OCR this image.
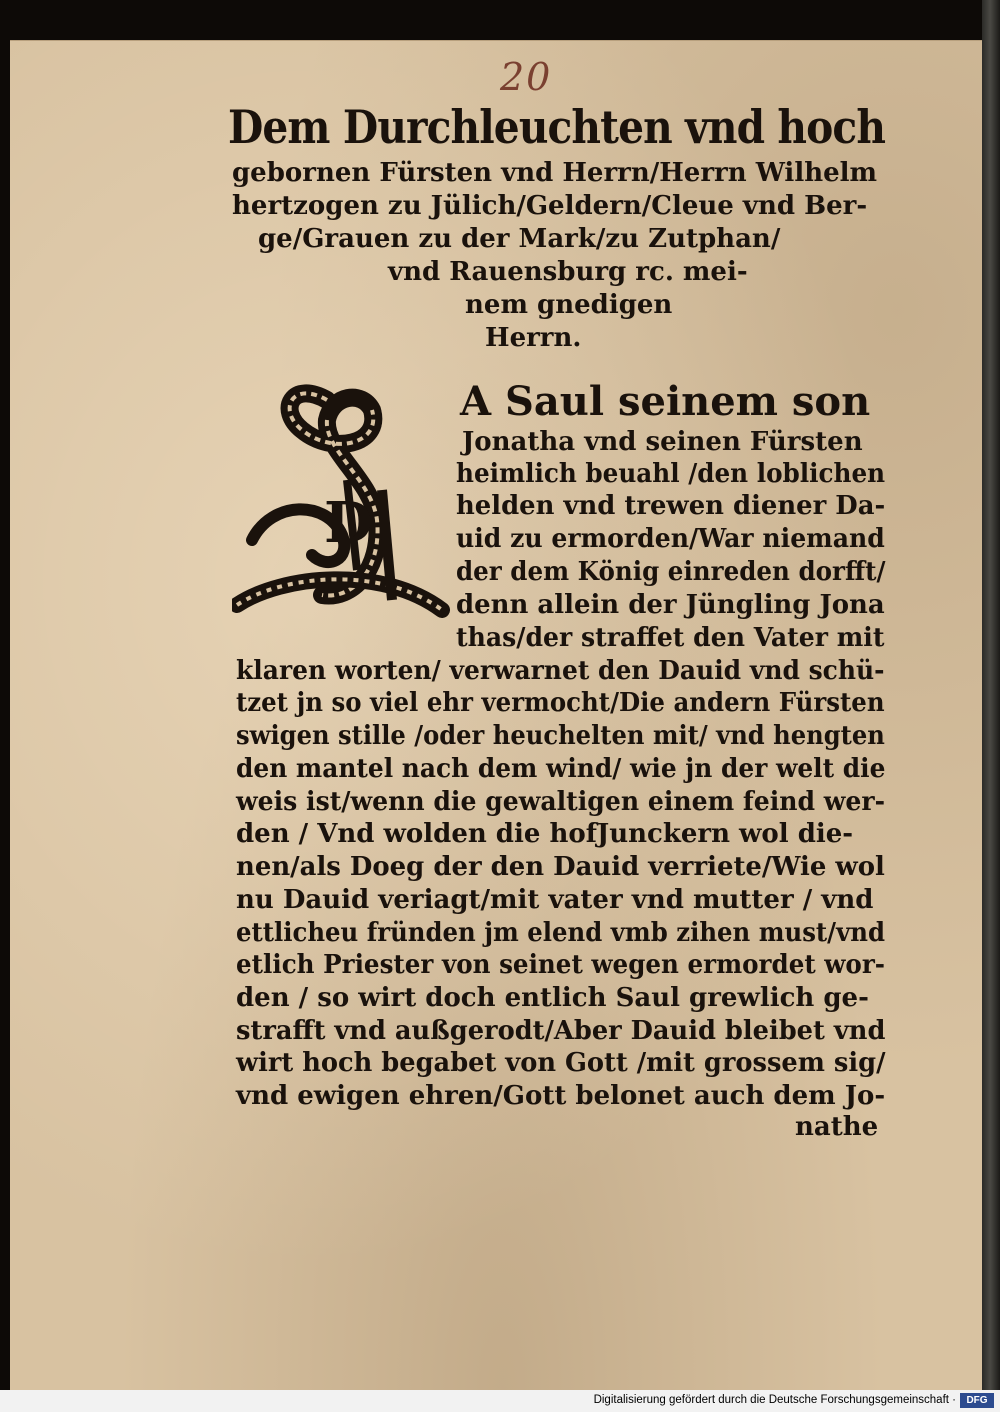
20
Dem Durchleuchten vnd hoch
gebornen Fürsten vnd Herrn/Herrn Wilhelm
hertzogen zu Jülich/Geldern/Cleue vnd Ber-
ge/Grauen zu der Mark/zu Zutphan/
vnd Rauensburg rc. mei-
nem gnedigen
Herrn.
D
A Saul seinem son
Jonatha vnd seinen Fürsten
heimlich beuahl /den loblichen
helden vnd trewen diener Da-
uid zu ermorden/War niemand
der dem König einreden dorfft/
denn allein der Jüngling Jona
thas/der straffet den Vater mit
klaren worten/ verwarnet den Dauid vnd schü-
tzet jn so viel ehr vermocht/Die andern Fürsten
swigen stille /oder heuchelten mit/ vnd hengten
den mantel nach dem wind/ wie jn der welt die
weis ist/wenn die gewaltigen einem feind wer-
den / Vnd wolden die hofJunckern wol die-
nen/als Doeg der den Dauid verriete/Wie wol
nu Dauid veriagt/mit vater vnd mutter / vnd
ettlicheu fründen jm elend vmb zihen must/vnd
etlich Priester von seinet wegen ermordet wor-
den / so wirt doch entlich Saul grewlich ge-
strafft vnd außgerodt/Aber Dauid bleibet vnd
wirt hoch begabet von Gott /mit grossem sig/
vnd ewigen ehren/Gott belonet auch dem Jo-
nathe
Digitalisierung gefördert durch die Deutsche Forschungsgemeinschaft ·	DFG
